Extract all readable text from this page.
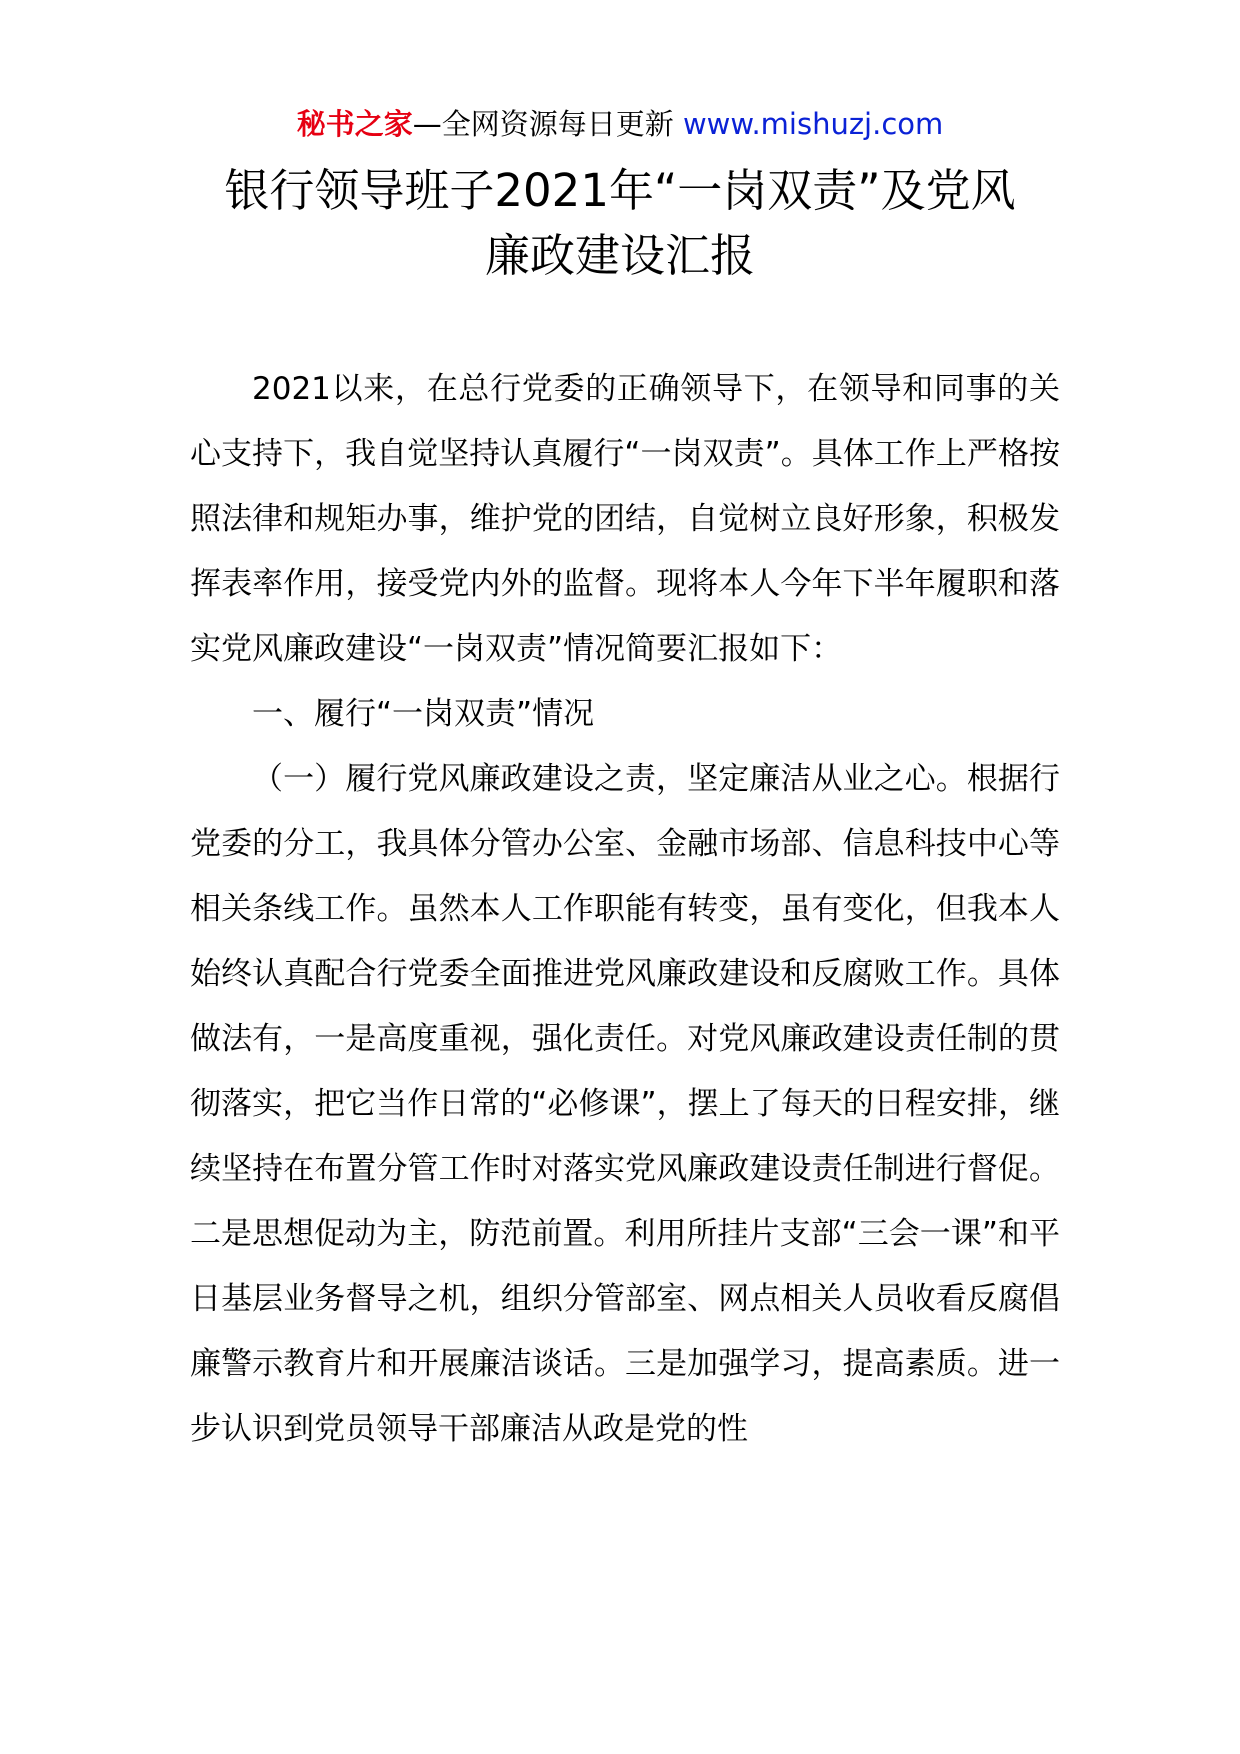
秘书之家—全网资源每日更新 www.mishuzj.com
银行领导班子2021年“一岗双责”及党风
廉政建设汇报

2021以来，在总行党委的正确领导下，在领导和同事的关心支持下，我自觉坚持认真履行“一岗双责”。具体工作上严格按照法律和规矩办事，维护党的团结，自觉树立良好形象，积极发挥表率作用，接受党内外的监督。现将本人今年下半年履职和落实党风廉政建设“一岗双责”情况简要汇报如下：

一、履行“一岗双责”情况

（一）履行党风廉政建设之责，坚定廉洁从业之心。根据行党委的分工，我具体分管办公室、金融市场部、信息科技中心等相关条线工作。虽然本人工作职能有转变，虽有变化，但我本人始终认真配合行党委全面推进党风廉政建设和反腐败工作。具体做法有，一是高度重视，强化责任。对党风廉政建设责任制的贯彻落实，把它当作日常的“必修课”，摆上了每天的日程安排，继续坚持在布置分管工作时对落实党风廉政建设责任制进行督促。二是思想促动为主，防范前置。利用所挂片支部“三会一课”和平日基层业务督导之机，组织分管部室、网点相关人员收看反腐倡廉警示教育片和开展廉洁谈话。三是加强学习，提高素质。进一步认识到党员领导干部廉洁从政是党的性
